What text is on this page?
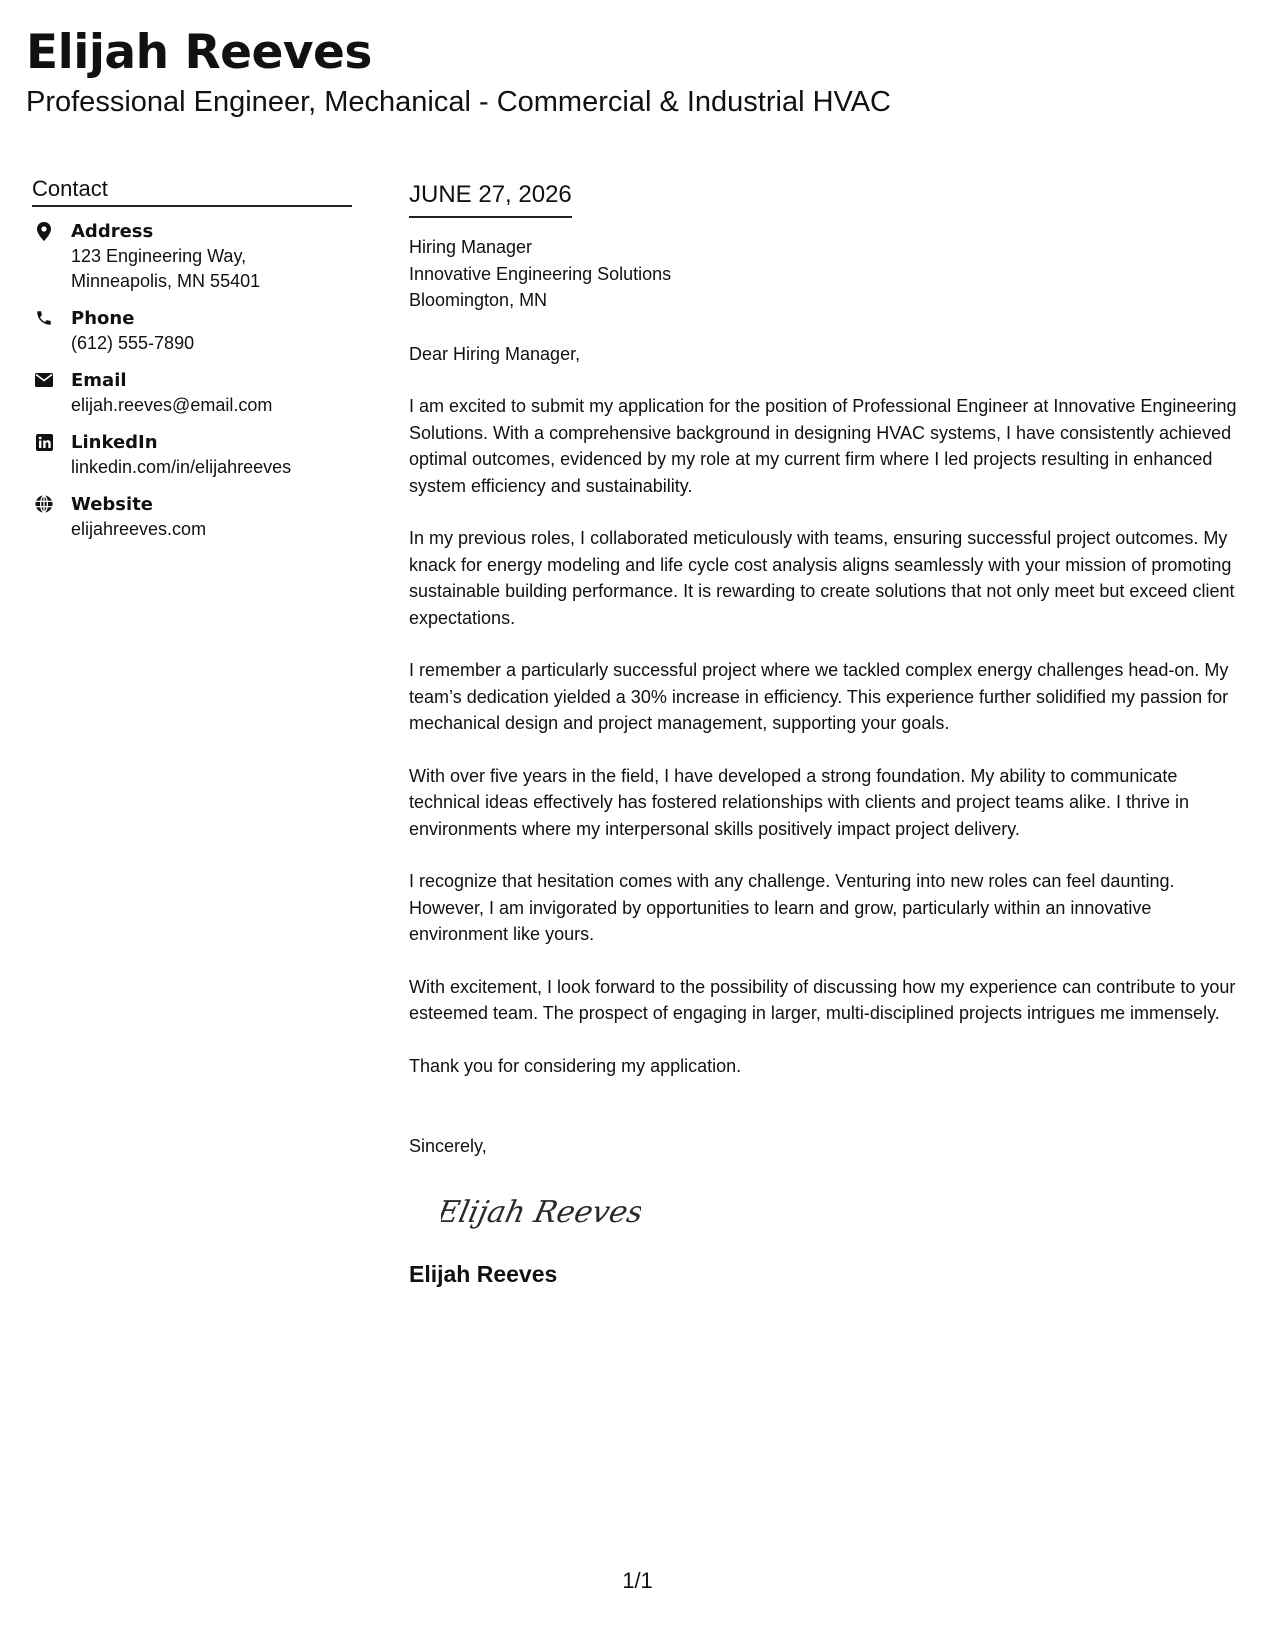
Elijah Reeves
Professional Engineer, Mechanical - Commercial & Industrial HVAC
Contact
Address
123 Engineering Way,
Minneapolis, MN 55401
Phone
(612) 555-7890
Email
elijah.reeves@email.com
LinkedIn
linkedin.com/in/elijahreeves
Website
elijahreeves.com
JUNE 27, 2026
Hiring Manager
Innovative Engineering Solutions
Bloomington, MN
Dear Hiring Manager,

I am excited to submit my application for the position of Professional Engineer at Innovative Engineering Solutions. With a comprehensive background in designing HVAC systems, I have consistently achieved optimal outcomes, evidenced by my role at my current firm where I led projects resulting in enhanced system efficiency and sustainability.

In my previous roles, I collaborated meticulously with teams, ensuring successful project outcomes. My knack for energy modeling and life cycle cost analysis aligns seamlessly with your mission of promoting sustainable building performance. It is rewarding to create solutions that not only meet but exceed client expectations.

I remember a particularly successful project where we tackled complex energy challenges head-on. My team’s dedication yielded a 30% increase in efficiency. This experience further solidified my passion for mechanical design and project management, supporting your goals.

With over five years in the field, I have developed a strong foundation. My ability to communicate technical ideas effectively has fostered relationships with clients and project teams alike. I thrive in environments where my interpersonal skills positively impact project delivery.

I recognize that hesitation comes with any challenge. Venturing into new roles can feel daunting. However, I am invigorated by opportunities to learn and grow, particularly within an innovative environment like yours.

With excitement, I look forward to the possibility of discussing how my experience can contribute to your esteemed team. The prospect of engaging in larger, multi-disciplined projects intrigues me immensely.

Thank you for considering my application.

Sincerely,
Elijah Reeves
Elijah Reeves
1/1
